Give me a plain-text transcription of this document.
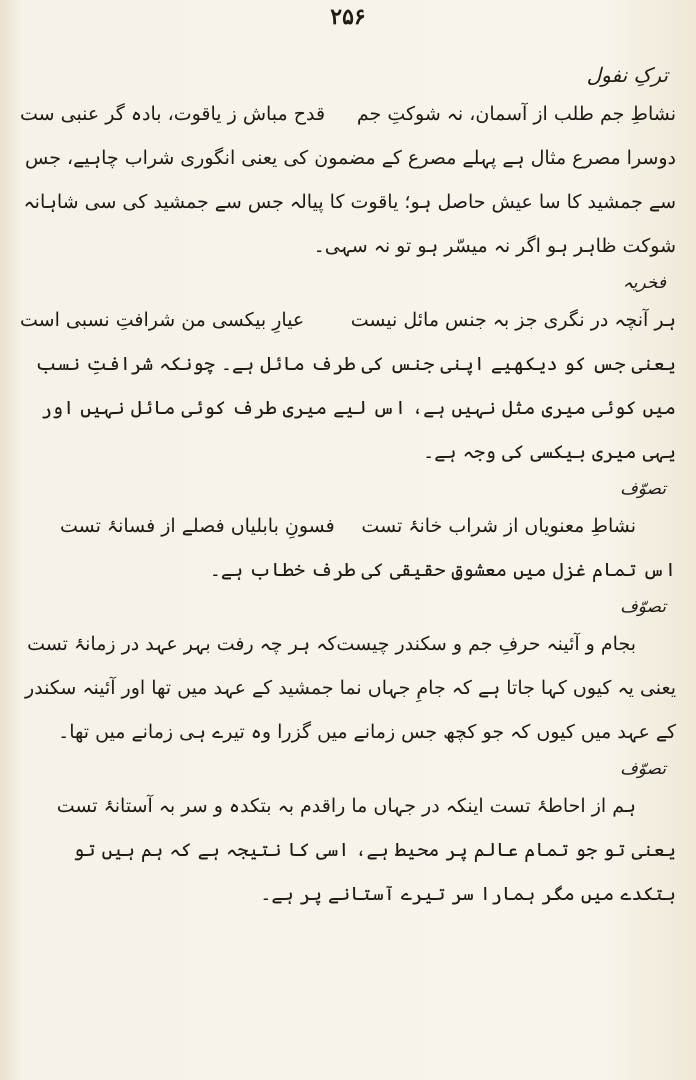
۲۵۶
ترکِ نفول
نشاطِ جم طلب از آسمان، نہ شوکتِ جم
قدح مباش ز یاقوت، بادہ گر عنبی ست

دوسرا مصرع مثال ہے پہلے مصرع کے مضمون کی یعنی انگوری شراب چاہیے، جس سے جمشید کا سا عیش حاصل ہو؛ یاقوت کا پیالہ جس سے جمشید کی سی شاہانہ شوکت ظاہر ہو اگر نہ میسّر ہو تو نہ سہی۔

فخریہ
ہر آنچہ در نگری جز بہ جنس مائل نیست
عیارِ بیکسی من شرافتِ نسبی است

یعنی جس کو دیکھیے اپنی جنس کی طرف مائل ہے۔ چونکہ شرافتِ نسب میں کوئی میری مثل نہیں ہے، اس لیے میری طرف کوئی مائل نہیں اور یہی میری بیکسی کی وجہ ہے۔

تصوّف
نشاطِ معنویاں از شراب خانۂ تست
فسونِ بابلیاں فصلے از فسانۂ تست

اس تمام غزل میں معشوقِ حقیقی کی طرف خطاب ہے۔

تصوّف
بجام و آئینہ حرفِ جم و سکندر چیست
کہ ہر چہ رفت بہر عہد در زمانۂ تست

یعنی یہ کیوں کہا جاتا ہے کہ جامِ جہاں نما جمشید کے عہد میں تھا اور آئینہ سکندر کے عہد میں کیوں کہ جو کچھ جس زمانے میں گزرا وہ تیرے ہی زمانے میں تھا۔

تصوّف
ہم از احاطۂ تست اینکہ در جہاں ما را
قدم بہ بتکدہ و سر بہ آستانۂ تست

یعنی تو جو تمام عالم پر محیط ہے، اسی کا نتیجہ ہے کہ ہم ہیں تو بتکدے میں مگر ہمارا سر تیرے آستانے پر ہے۔
